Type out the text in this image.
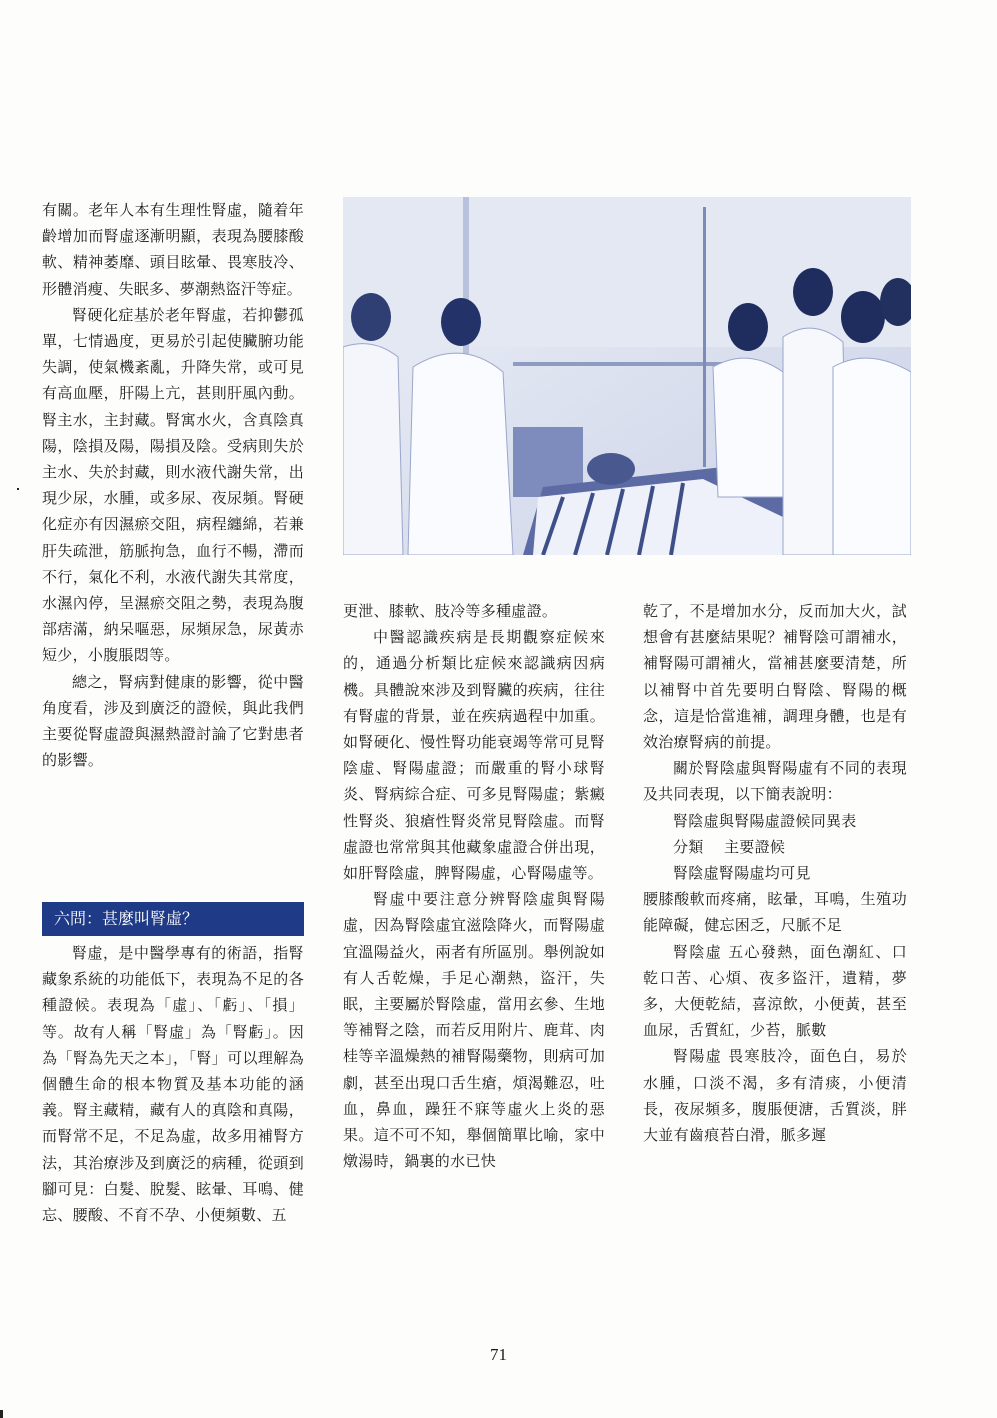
有關。老年人本有生理性腎虛，隨着年齡增加而腎虛逐漸明顯，表現為腰膝酸軟、精神萎靡、頭目眩暈、畏寒肢冷、形體消瘦、失眠多、夢潮熱盜汗等症。

腎硬化症基於老年腎虛，若抑鬱孤單，七情過度，更易於引起使臟腑功能失調，使氣機紊亂，升降失常，或可見有高血壓，肝陽上亢，甚則肝風內動。腎主水，主封藏。腎寓水火，含真陰真陽，陰損及陽，陽損及陰。受病則失於主水、失於封藏，則水液代謝失常，出現少尿，水腫，或多尿、夜尿頻。腎硬化症亦有因濕瘀交阻，病程纏綿，若兼肝失疏泄，筋脈拘急，血行不暢，滯而不行，氣化不利，水液代謝失其常度，水濕內停，呈濕瘀交阻之勢，表現為腹部痞滿，納呆嘔惡，尿頻尿急，尿黃赤短少，小腹脹悶等。

總之，腎病對健康的影響，從中醫角度看，涉及到廣泛的證候，與此我們主要從腎虛證與濕熱證討論了它對患者的影響。

六問：甚麼叫腎虛？

腎虛，是中醫學專有的術語，指腎藏象系統的功能低下，表現為不足的各種證候。表現為「虛」、「虧」、「損」等。故有人稱「腎虛」為「腎虧」。因為「腎為先天之本」，「腎」可以理解為個體生命的根本物質及基本功能的涵義。腎主藏精，藏有人的真陰和真陽，而腎常不足，不足為虛，故多用補腎方法，其治療涉及到廣泛的病種，從頭到腳可見：白髮、脫髮、眩暈、耳鳴、健忘、腰酸、不育不孕、小便頻數、五

更泄、膝軟、肢冷等多種虛證。

中醫認識疾病是長期觀察症候來的，通過分析類比症候來認識病因病機。具體說來涉及到腎臟的疾病，往往有腎虛的背景，並在疾病過程中加重。如腎硬化、慢性腎功能衰竭等常可見腎陰虛、腎陽虛證；而嚴重的腎小球腎炎、腎病綜合症、可多見腎陽虛；紫癜性腎炎、狼瘡性腎炎常見腎陰虛。而腎虛證也常常與其他藏象虛證合併出現，如肝腎陰虛，脾腎陽虛，心腎陽虛等。

腎虛中要注意分辨腎陰虛與腎陽虛，因為腎陰虛宜滋陰降火，而腎陽虛宜溫陽益火，兩者有所區別。舉例說如有人舌乾燥，手足心潮熱，盜汗，失眠，主要屬於腎陰虛，當用玄參、生地等補腎之陰，而若反用附片、鹿茸、肉桂等辛溫燥熱的補腎陽藥物，則病可加劇，甚至出現口舌生瘡，煩渴難忍，吐血，鼻血，躁狂不寐等虛火上炎的惡果。這不可不知，舉個簡單比喻，家中燉湯時，鍋裏的水已快

乾了，不是增加水分，反而加大火，試想會有甚麼結果呢？補腎陰可謂補水，補腎陽可謂補火，當補甚麼要清楚，所以補腎中首先要明白腎陰、腎陽的概念，這是恰當進補，調理身體，也是有效治療腎病的前提。

關於腎陰虛與腎陽虛有不同的表現及共同表現，以下簡表說明：

腎陰虛與腎陽虛證候同異表

分類　 主要證候

腎陰虛腎陽虛均可見

腰膝酸軟而疼痛，眩暈，耳鳴，生殖功能障礙，健忘困乏，尺脈不足

腎陰虛 五心發熱，面色潮紅、口乾口苦、心煩、夜多盜汗，遺精，夢多，大便乾結，喜涼飲，小便黃，甚至血尿，舌質紅，少苔，脈數

腎陽虛 畏寒肢冷，面色白，易於水腫，口淡不渴，多有清痰，小便清長，夜尿頻多，腹脹便溏，舌質淡，胖大並有齒痕苔白滑，脈多遲

71
